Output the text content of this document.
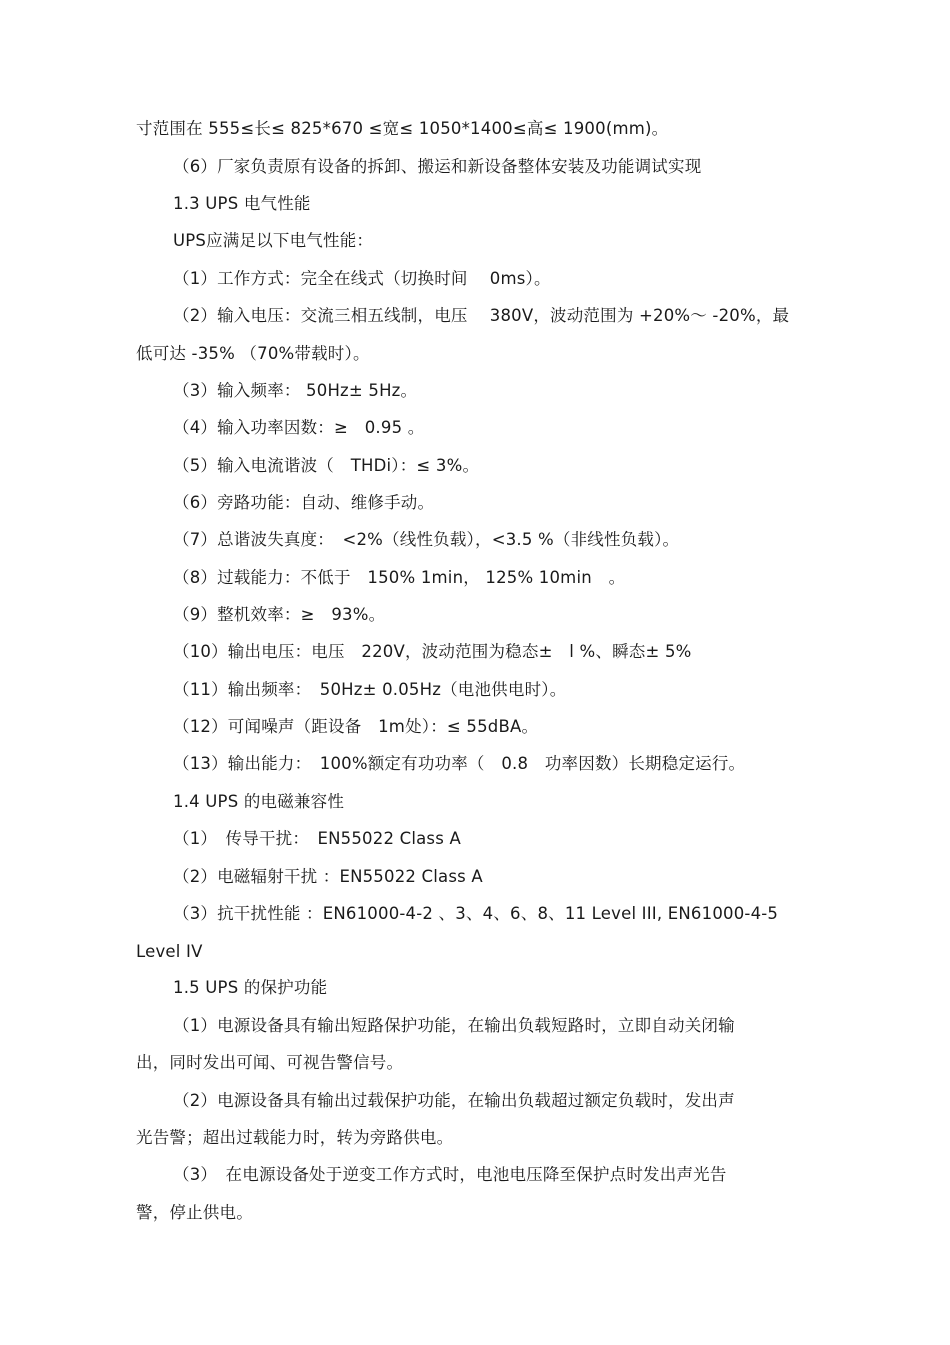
寸范围在 555≤长≤ 825*670 ≤宽≤ 1050*1400≤高≤ 1900(mm)。
（6）厂家负责原有设备的拆卸、搬运和新设备整体安装及功能调试实现
1.3 UPS 电气性能
UPS应满足以下电气性能：
（1）工作方式：完全在线式（切换时间　 0ms）。
（2）输入电压：交流三相五线制，电压　 380V，波动范围为 +20%～ -20%，最
低可达 -35% （70%带载时）。
（3）输入频率： 50Hz± 5Hz。
（4）输入功率因数：≥　0.95 。
（5）输入电流谐波（　THDi）：≤ 3%。
（6）旁路功能：自动、维修手动。
（7）总谐波失真度：　<2%（线性负载），<3.5 %（非线性负载）。
（8）过载能力：不低于　150% 1min， 125% 10min　。
（9）整机效率：≥　93%。
（10）输出电压：电压　220V，波动范围为稳态±　l %、瞬态± 5%
（11）输出频率：　50Hz± 0.05Hz（电池供电时）。
（12）可闻噪声（距设备　1m处）：≤ 55dBA。
（13）输出能力：　100%额定有功功率（　0.8　功率因数）长期稳定运行。
1.4 UPS 的电磁兼容性
（1）　传导干扰：　EN55022 Class A
（2）电磁辐射干扰 ：EN55022 Class A
（3）抗干扰性能 ：EN61000-4-2 、3、4、6、8、11 Level III, EN61000-4-5
Level IV
1.5 UPS 的保护功能
（1）电源设备具有输出短路保护功能，在输出负载短路时，立即自动关闭输
出，同时发出可闻、可视告警信号。
（2）电源设备具有输出过载保护功能，在输出负载超过额定负载时，发出声
光告警；超出过载能力时，转为旁路供电。
（3）　在电源设备处于逆变工作方式时，电池电压降至保护点时发出声光告
警，停止供电。
